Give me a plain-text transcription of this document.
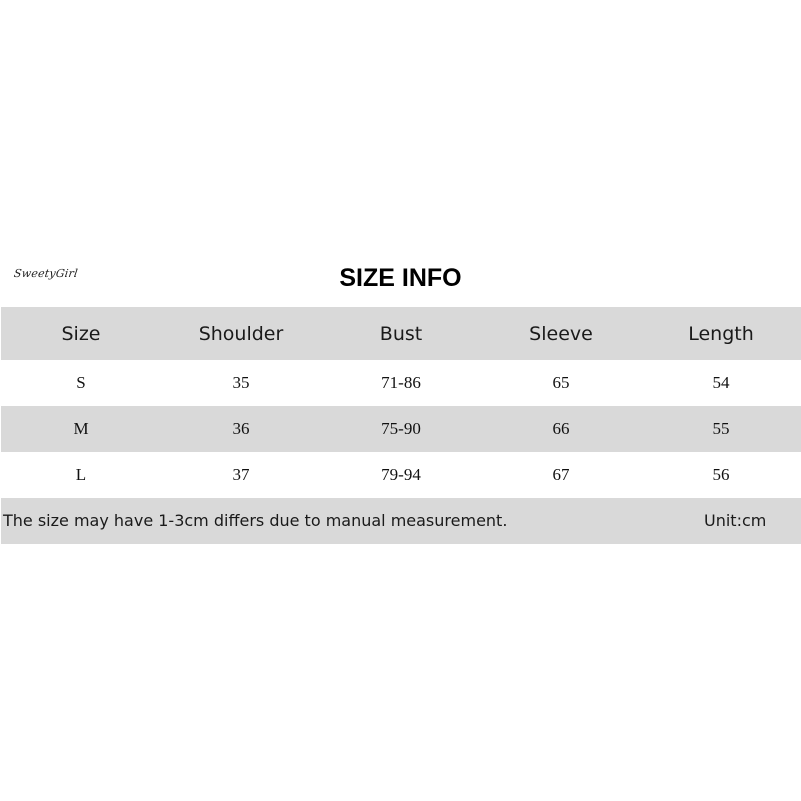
SweetyGirl	SIZE INFO
Size	Shoulder	Bust	Sleeve	Length
S	35	71-86	65	54
M	36	75-90	66	55
L	37	79-94	67	56
The size may have 1-3cm differs due to manual measurement.	Unit:cm
